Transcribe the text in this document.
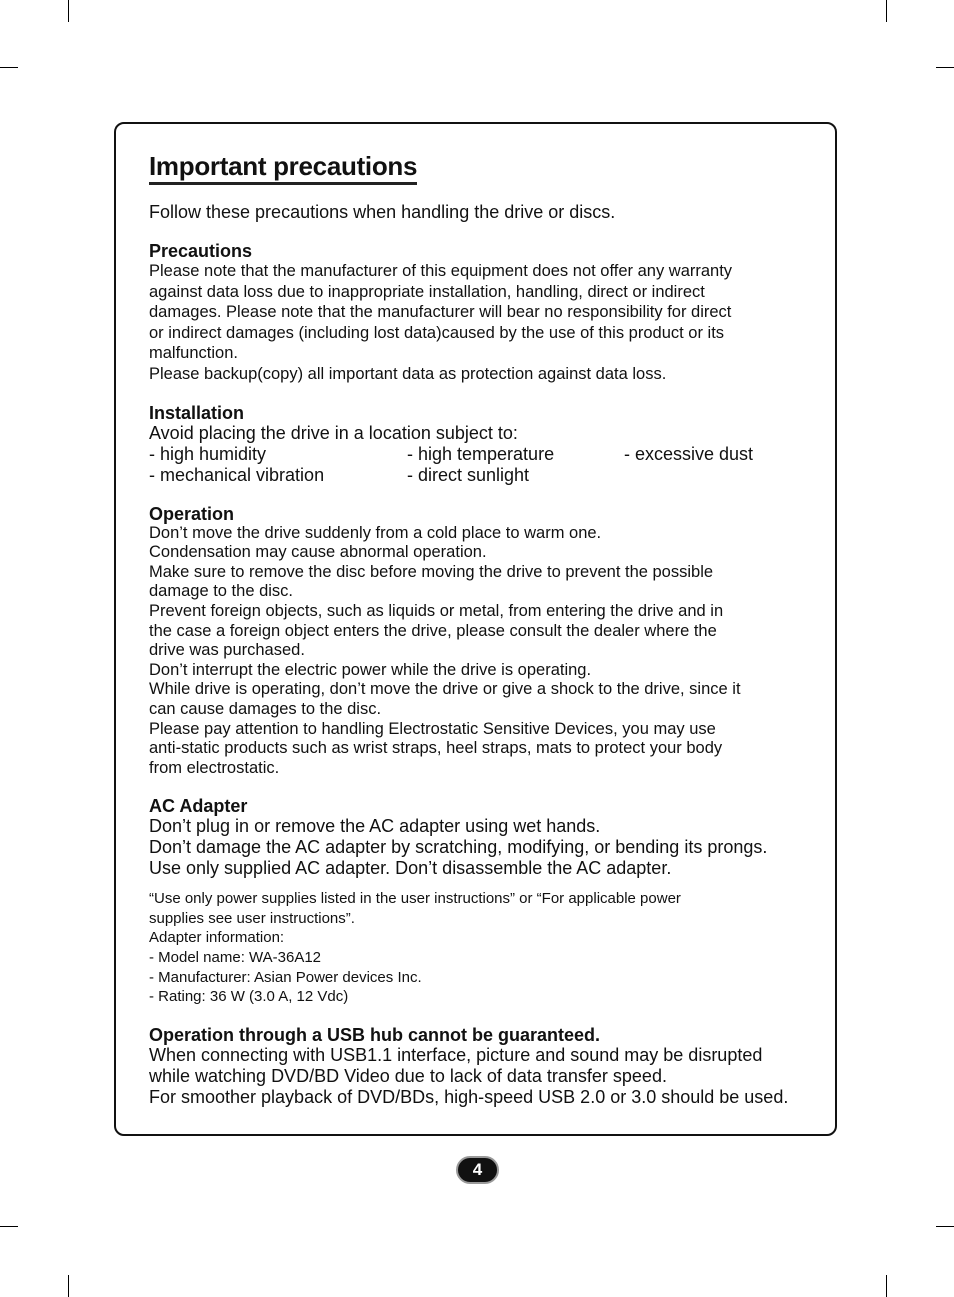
Important precautions
Follow these precautions when handling the drive or discs.
Precautions

Please note that the manufacturer of this equipment does not offer any warranty

against data loss due to inappropriate installation, handling, direct or indirect

damages. Please note that the manufacturer will bear no responsibility for direct

or indirect damages (including lost data)caused by the use of this product or its

malfunction.

Please backup(copy) all important data as protection against data loss.

Installation

Avoid placing the drive in a location subject to:

- high humidity	- high temperature	- excessive dust
- mechanical vibration	- direct sunlight
Operation

Don’t move the drive suddenly from a cold place to warm one.

Condensation may cause abnormal operation.

Make sure to remove the disc before moving the drive to prevent the possible

damage to the disc.

Prevent foreign objects, such as liquids or metal, from entering the drive and in

the case a foreign object enters the drive, please consult the dealer where the

drive was purchased.

Don’t interrupt the electric power while the drive is operating.

While drive is operating, don’t move the drive or give a shock to the drive, since it

can cause damages to the disc.

Please pay attention to handling Electrostatic Sensitive Devices, you may use

anti-static products such as wrist straps, heel straps, mats to protect your body

from electrostatic.

AC Adapter

Don’t plug in or remove the AC adapter using wet hands.

Don’t damage the AC adapter by scratching, modifying, or bending its prongs.

Use only supplied AC adapter. Don’t disassemble the AC adapter.

“Use only power supplies listed in the user instructions” or “For applicable power

supplies see user instructions”.

Adapter information:

- Model name: WA-36A12

- Manufacturer: Asian Power devices Inc.

- Rating: 36 W (3.0 A, 12 Vdc)

Operation through a USB hub cannot be guaranteed.

When connecting with USB1.1 interface, picture and sound may be disrupted

while watching DVD/BD Video due to lack of data transfer speed.

For smoother playback of DVD/BDs, high-speed USB 2.0 or 3.0 should be used.

4
